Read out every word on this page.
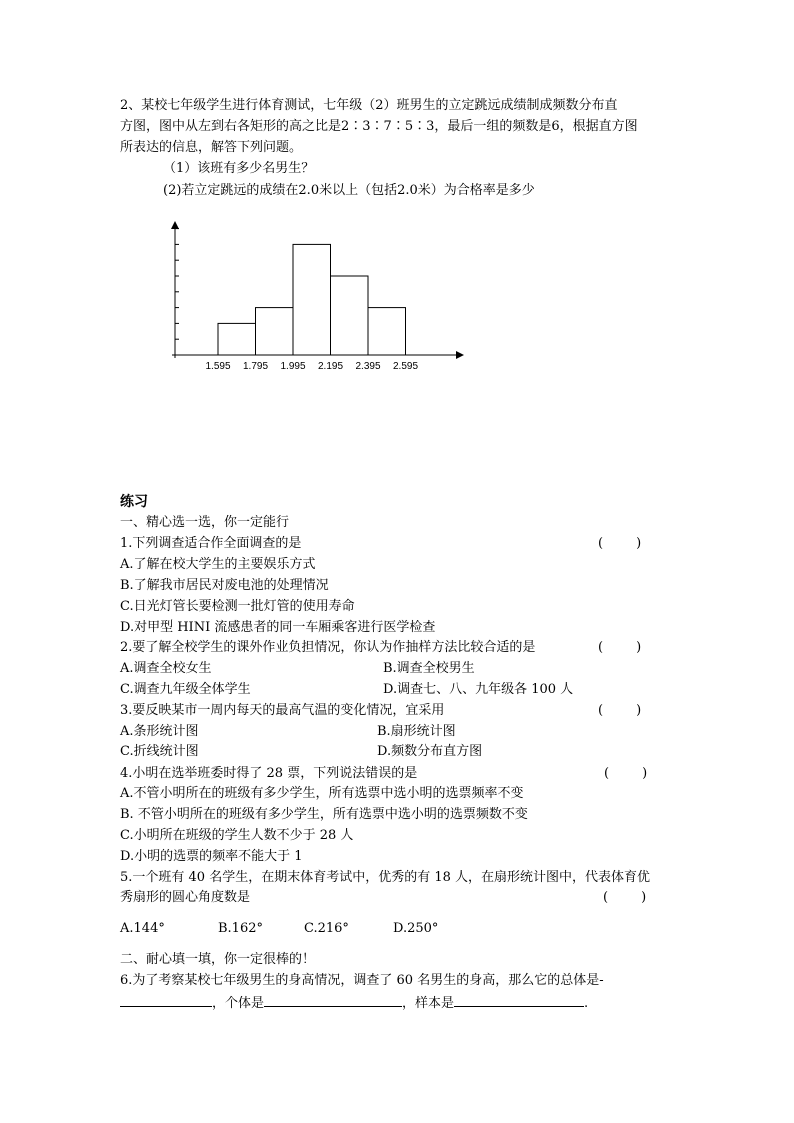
2、某校七年级学生进行体育测试，七年级（2）班男生的立定跳远成绩制成频数分布直
方图，图中从左到右各矩形的高之比是2∶3∶7∶5∶3，最后一组的频数是6，根据直方图
所表达的信息，解答下列问题。
（1）该班有多少名男生？
(2)若立定跳远的成绩在2.0米以上（包括2.0米）为合格率是多少
1.595 1.795 1.995 2.195 2.395 2.595
练习
一、精心选一选，你一定能行
1.下列调查适合作全面调查的是	(        )
A.了解在校大学生的主要娱乐方式
B.了解我市居民对废电池的处理情况
C.日光灯管长要检测一批灯管的使用寿命
D.对甲型 HINI 流感患者的同一车厢乘客进行医学检查
2.要了解全校学生的课外作业负担情况，你认为作抽样方法比较合适的是	(        )
A.调查全校女生	B.调查全校男生
C.调查九年级全体学生	D.调查七、八、九年级各 100 人
3.要反映某市一周内每天的最高气温的变化情况，宜采用	(        )
A.条形统计图	B.扇形统计图
C.折线统计图	D.频数分布直方图
4.小明在选举班委时得了 28 票，下列说法错误的是	(        )
A.不管小明所在的班级有多少学生，所有选票中选小明的选票频率不变
B. 不管小明所在的班级有多少学生，所有选票中选小明的选票频数不变
C.小明所在班级的学生人数不少于 28 人
D.小明的选票的频率不能大于 1
5.一个班有 40 名学生，在期末体育考试中，优秀的有 18 人，在扇形统计图中，代表体育优
秀扇形的圆心角度数是	(        )
A.144°	B.162°	C.216°	D.250°
二、耐心填一填，你一定很棒的！
6.为了考察某校七年级男生的身高情况，调查了 60 名男生的身高，那么它的总体是-
，个体是	，样本是	.
